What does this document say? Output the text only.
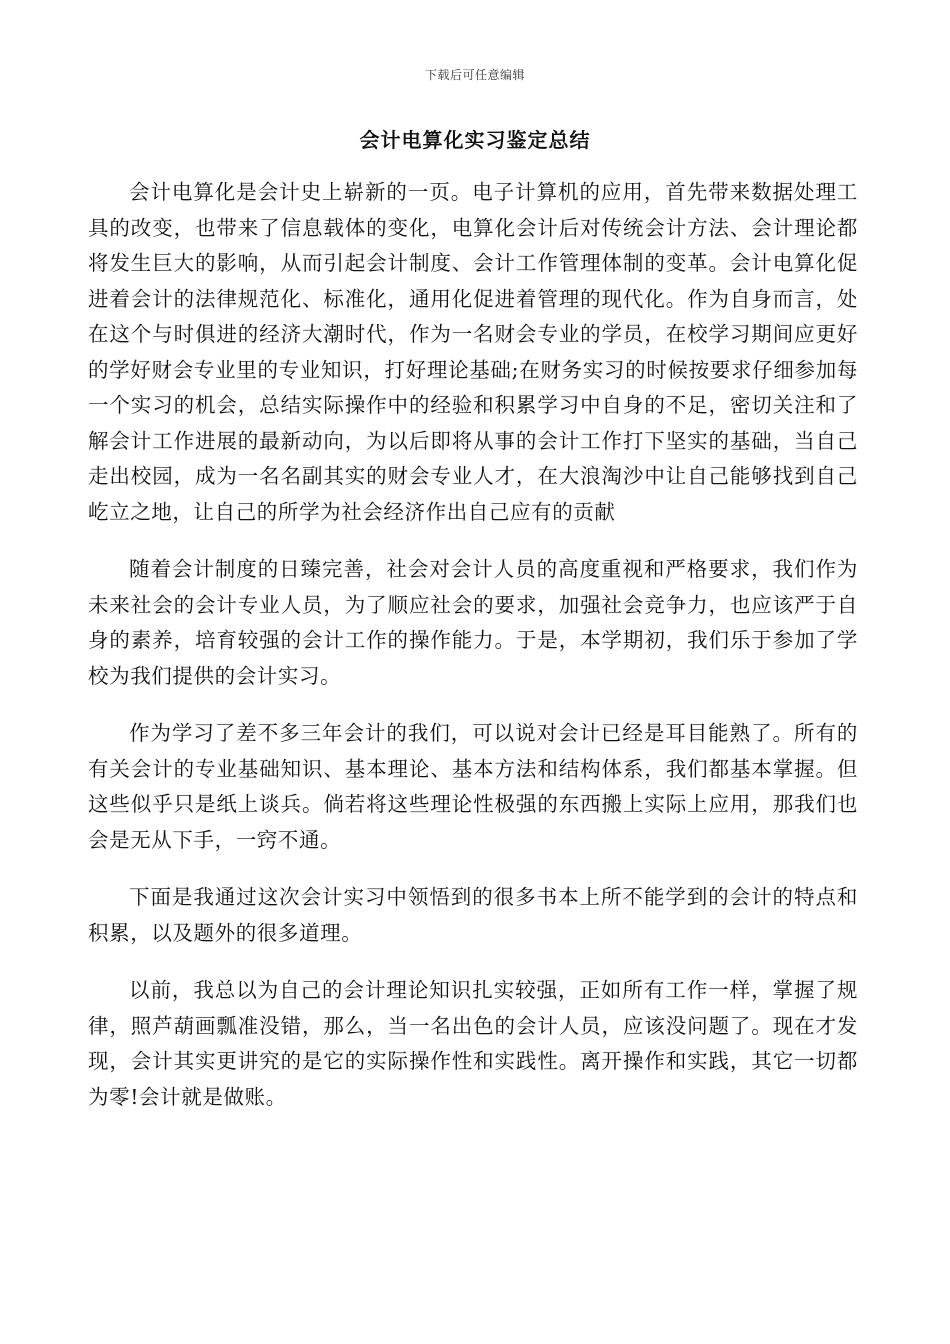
下载后可任意编辑
会计电算化实习鉴定总结

会计电算化是会计史上崭新的一页。电子计算机的应用，首先带来数据处理工具的改变，也带来了信息载体的变化，电算化会计后对传统会计方法、会计理论都将发生巨大的影响，从而引起会计制度、会计工作管理体制的变革。会计电算化促进着会计的法律规范化、标准化，通用化促进着管理的现代化。作为自身而言，处在这个与时俱进的经济大潮时代，作为一名财会专业的学员，在校学习期间应更好的学好财会专业里的专业知识，打好理论基础;在财务实习的时候按要求仔细参加每一个实习的机会，总结实际操作中的经验和积累学习中自身的不足，密切关注和了解会计工作进展的最新动向，为以后即将从事的会计工作打下坚实的基础，当自己走出校园，成为一名名副其实的财会专业人才，在大浪淘沙中让自己能够找到自己屹立之地，让自己的所学为社会经济作出自己应有的贡献

随着会计制度的日臻完善，社会对会计人员的高度重视和严格要求，我们作为未来社会的会计专业人员，为了顺应社会的要求，加强社会竞争力，也应该严于自身的素养，培育较强的会计工作的操作能力。于是，本学期初，我们乐于参加了学校为我们提供的会计实习。

作为学习了差不多三年会计的我们，可以说对会计已经是耳目能熟了。所有的有关会计的专业基础知识、基本理论、基本方法和结构体系，我们都基本掌握。但这些似乎只是纸上谈兵。倘若将这些理论性极强的东西搬上实际上应用，那我们也会是无从下手，一窍不通。

下面是我通过这次会计实习中领悟到的很多书本上所不能学到的会计的特点和积累，以及题外的很多道理。

以前，我总以为自己的会计理论知识扎实较强，正如所有工作一样，掌握了规律，照芦葫画瓢准没错，那么，当一名出色的会计人员，应该没问题了。现在才发现，会计其实更讲究的是它的实际操作性和实践性。离开操作和实践，其它一切都为零!会计就是做账。
